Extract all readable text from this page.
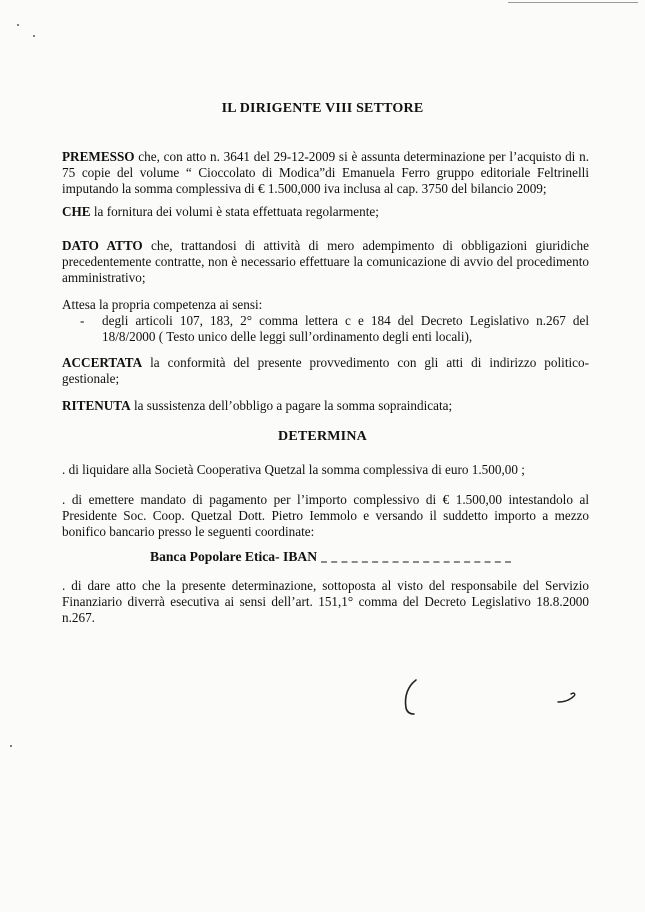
IL DIRIGENTE VIII SETTORE
PREMESSO che, con atto n. 3641 del 29-12-2009 si è assunta determinazione per l’acquisto di n. 75 copie del volume “ Cioccolato di Modica”di Emanuela Ferro gruppo editoriale Feltrinelli imputando la somma complessiva di € 1.500,000 iva inclusa al cap. 3750 del bilancio 2009;
CHE la fornitura dei volumi è stata effettuata regolarmente;
DATO ATTO che, trattandosi di attività di mero adempimento di obbligazioni giuridiche precedentemente contratte, non è necessario effettuare la comunicazione di avvio del procedimento amministrativo;
Attesa la propria competenza ai sensi:
-	degli articoli 107, 183, 2° comma lettera c e 184 del Decreto Legislativo n.267 del 18/8/2000 ( Testo unico delle leggi sull’ordinamento degli enti locali),
ACCERTATA la conformità del presente provvedimento con gli atti di indirizzo politico-gestionale;
RITENUTA la sussistenza dell’obbligo a pagare la somma sopraindicata;
DETERMINA
. di liquidare alla Società Cooperativa Quetzal la somma complessiva di euro 1.500,00 ;
. di emettere mandato di pagamento per l’importo complessivo di € 1.500,00 intestandolo al Presidente Soc. Coop. Quetzal Dott. Pietro Iemmolo e versando il suddetto importo a mezzo bonifico bancario presso le seguenti coordinate:
Banca Popolare Etica- IBAN
. di dare atto che la presente determinazione, sottoposta al visto del responsabile del Servizio Finanziario diverrà esecutiva ai sensi dell’art. 151,1° comma del Decreto Legislativo 18.8.2000 n.267.
